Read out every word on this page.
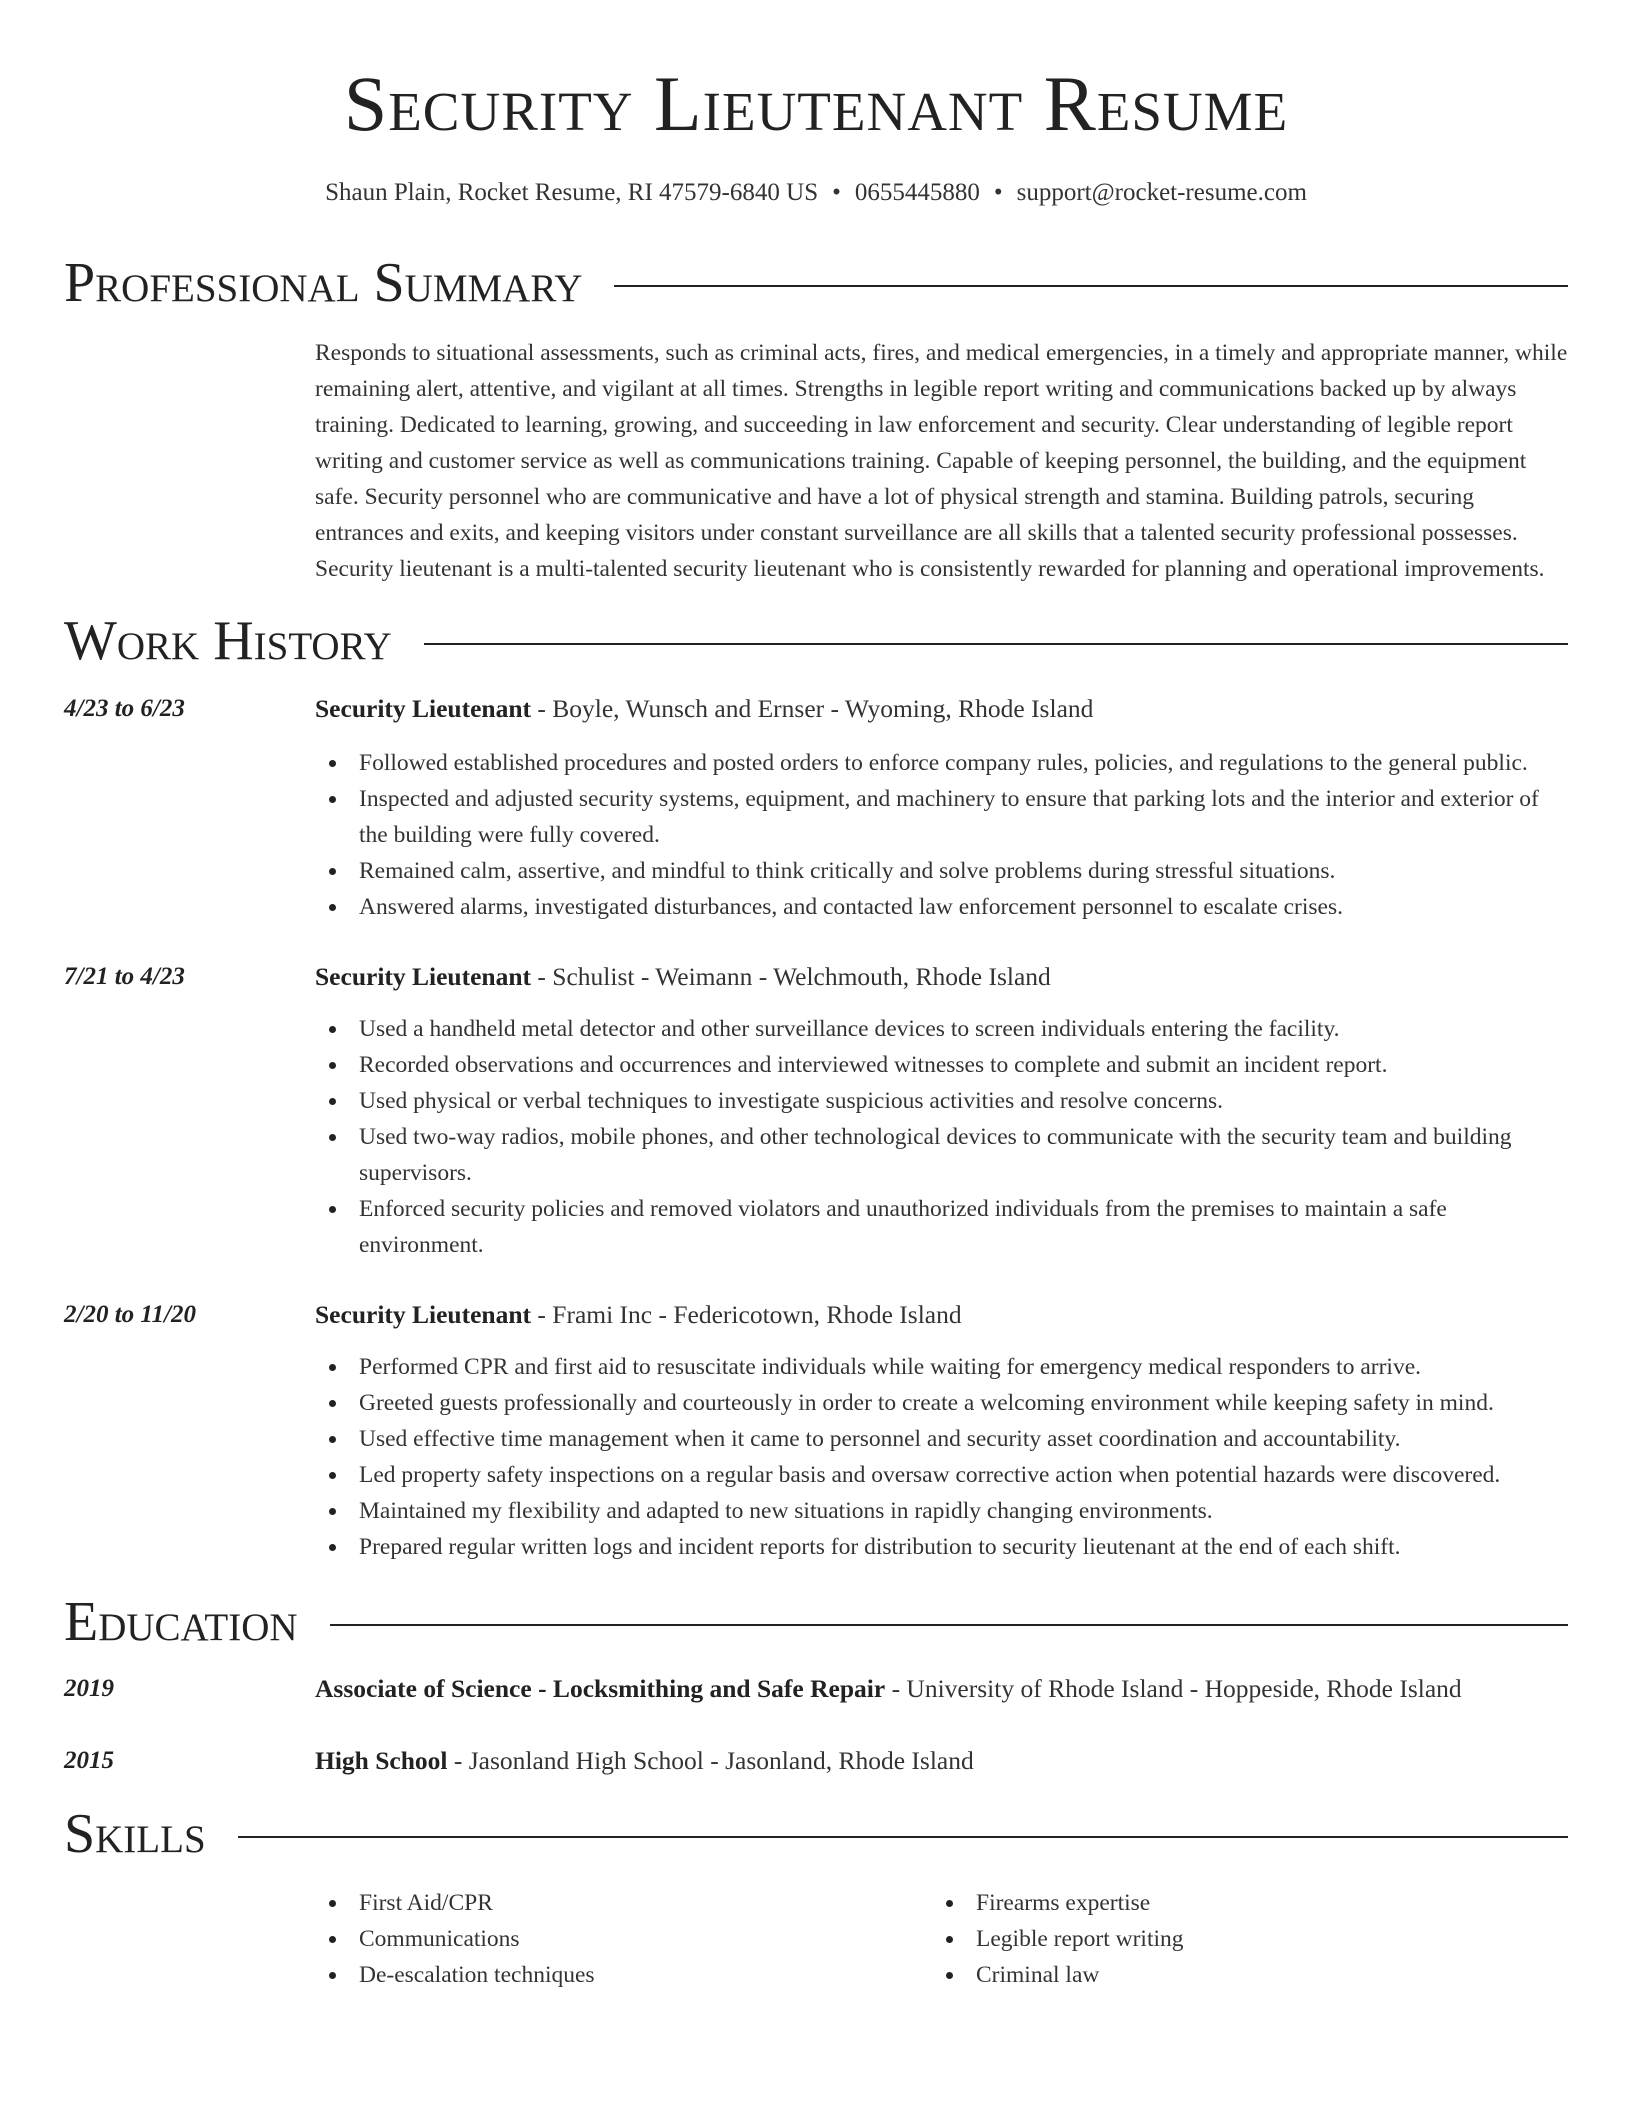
Security Lieutenant Resume
Shaun Plain, Rocket Resume, RI 47579-6840 US • 0655445880 • support@rocket-resume.com
Professional Summary
Responds to situational assessments, such as criminal acts, fires, and medical emergencies, in a timely and appropriate manner, while remaining alert, attentive, and vigilant at all times. Strengths in legible report writing and communications backed up by always training. Dedicated to learning, growing, and succeeding in law enforcement and security. Clear understanding of legible report writing and customer service as well as communications training. Capable of keeping personnel, the building, and the equipment safe. Security personnel who are communicative and have a lot of physical strength and stamina. Building patrols, securing entrances and exits, and keeping visitors under constant surveillance are all skills that a talented security professional possesses. Security lieutenant is a multi-talented security lieutenant who is consistently rewarded for planning and operational improvements.
Work History
4/23 to 6/23	Security Lieutenant - Boyle, Wunsch and Ernser - Wyoming, Rhode Island
Followed established procedures and posted orders to enforce company rules, policies, and regulations to the general public.
Inspected and adjusted security systems, equipment, and machinery to ensure that parking lots and the interior and exterior of the building were fully covered.
Remained calm, assertive, and mindful to think critically and solve problems during stressful situations.
Answered alarms, investigated disturbances, and contacted law enforcement personnel to escalate crises.
7/21 to 4/23	Security Lieutenant - Schulist - Weimann - Welchmouth, Rhode Island
Used a handheld metal detector and other surveillance devices to screen individuals entering the facility.
Recorded observations and occurrences and interviewed witnesses to complete and submit an incident report.
Used physical or verbal techniques to investigate suspicious activities and resolve concerns.
Used two-way radios, mobile phones, and other technological devices to communicate with the security team and building supervisors.
Enforced security policies and removed violators and unauthorized individuals from the premises to maintain a safe environment.
2/20 to 11/20	Security Lieutenant - Frami Inc - Federicotown, Rhode Island
Performed CPR and first aid to resuscitate individuals while waiting for emergency medical responders to arrive.
Greeted guests professionally and courteously in order to create a welcoming environment while keeping safety in mind.
Used effective time management when it came to personnel and security asset coordination and accountability.
Led property safety inspections on a regular basis and oversaw corrective action when potential hazards were discovered.
Maintained my flexibility and adapted to new situations in rapidly changing environments.
Prepared regular written logs and incident reports for distribution to security lieutenant at the end of each shift.
Education
2019	Associate of Science - Locksmithing and Safe Repair - University of Rhode Island - Hoppeside, Rhode Island
2015	High School - Jasonland High School - Jasonland, Rhode Island
Skills
First Aid/CPR
Communications
De-escalation techniques
Firearms expertise
Legible report writing
Criminal law
